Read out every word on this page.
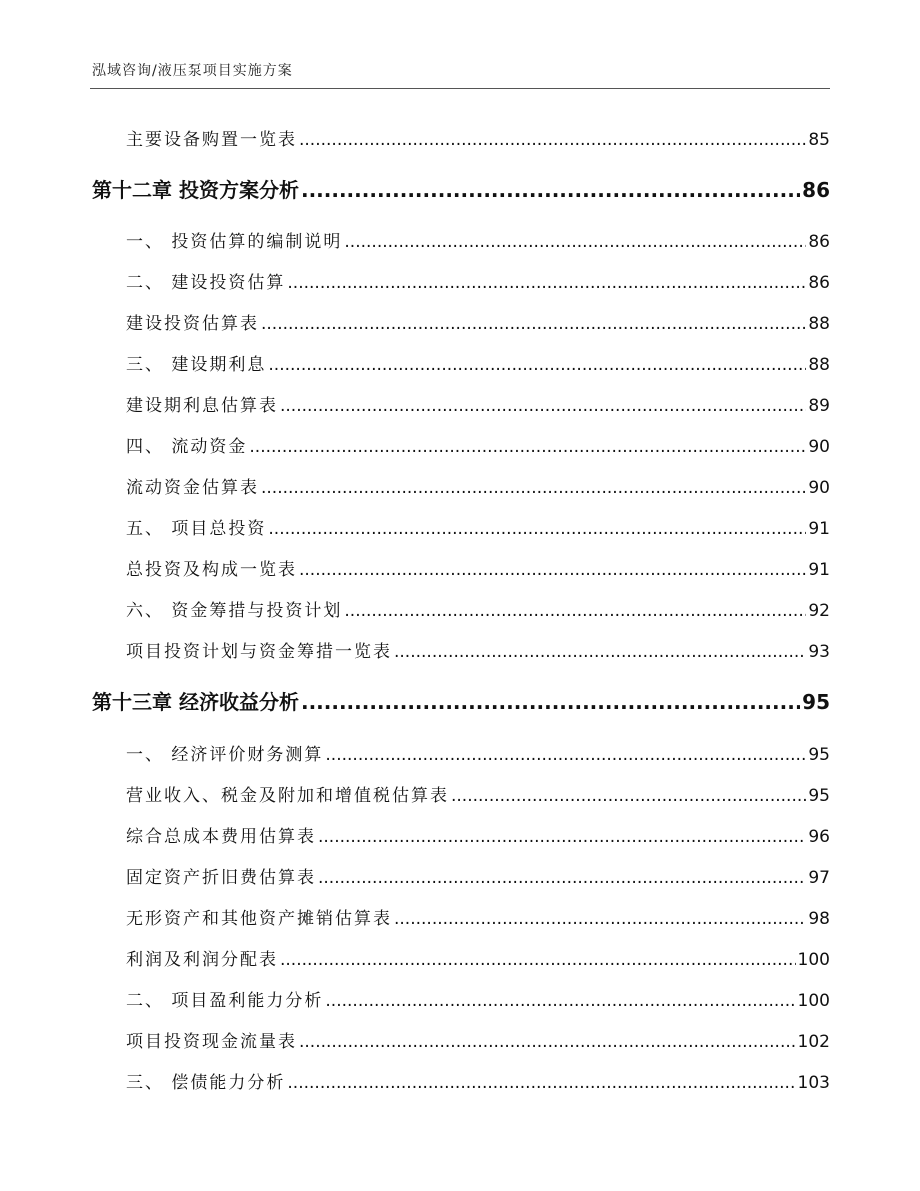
泓域咨询/液压泵项目实施方案
主要设备购置一览表 .....	85
第十二章 投资方案分析 .....	86
一、 投资估算的编制说明 .....	86
二、 建设投资估算 .....	86
建设投资估算表 .....	88
三、 建设期利息 .....	88
建设期利息估算表 .....	89
四、 流动资金 .....	90
流动资金估算表 .....	90
五、 项目总投资 .....	91
总投资及构成一览表 .....	91
六、 资金筹措与投资计划 .....	92
项目投资计划与资金筹措一览表 .....	93
第十三章 经济收益分析 .....	95
一、 经济评价财务测算 .....	95
营业收入、税金及附加和增值税估算表 .....	95
综合总成本费用估算表 .....	96
固定资产折旧费估算表 .....	97
无形资产和其他资产摊销估算表 .....	98
利润及利润分配表 .....	100
二、 项目盈利能力分析 .....	100
项目投资现金流量表 .....	102
三、 偿债能力分析 .....	103
